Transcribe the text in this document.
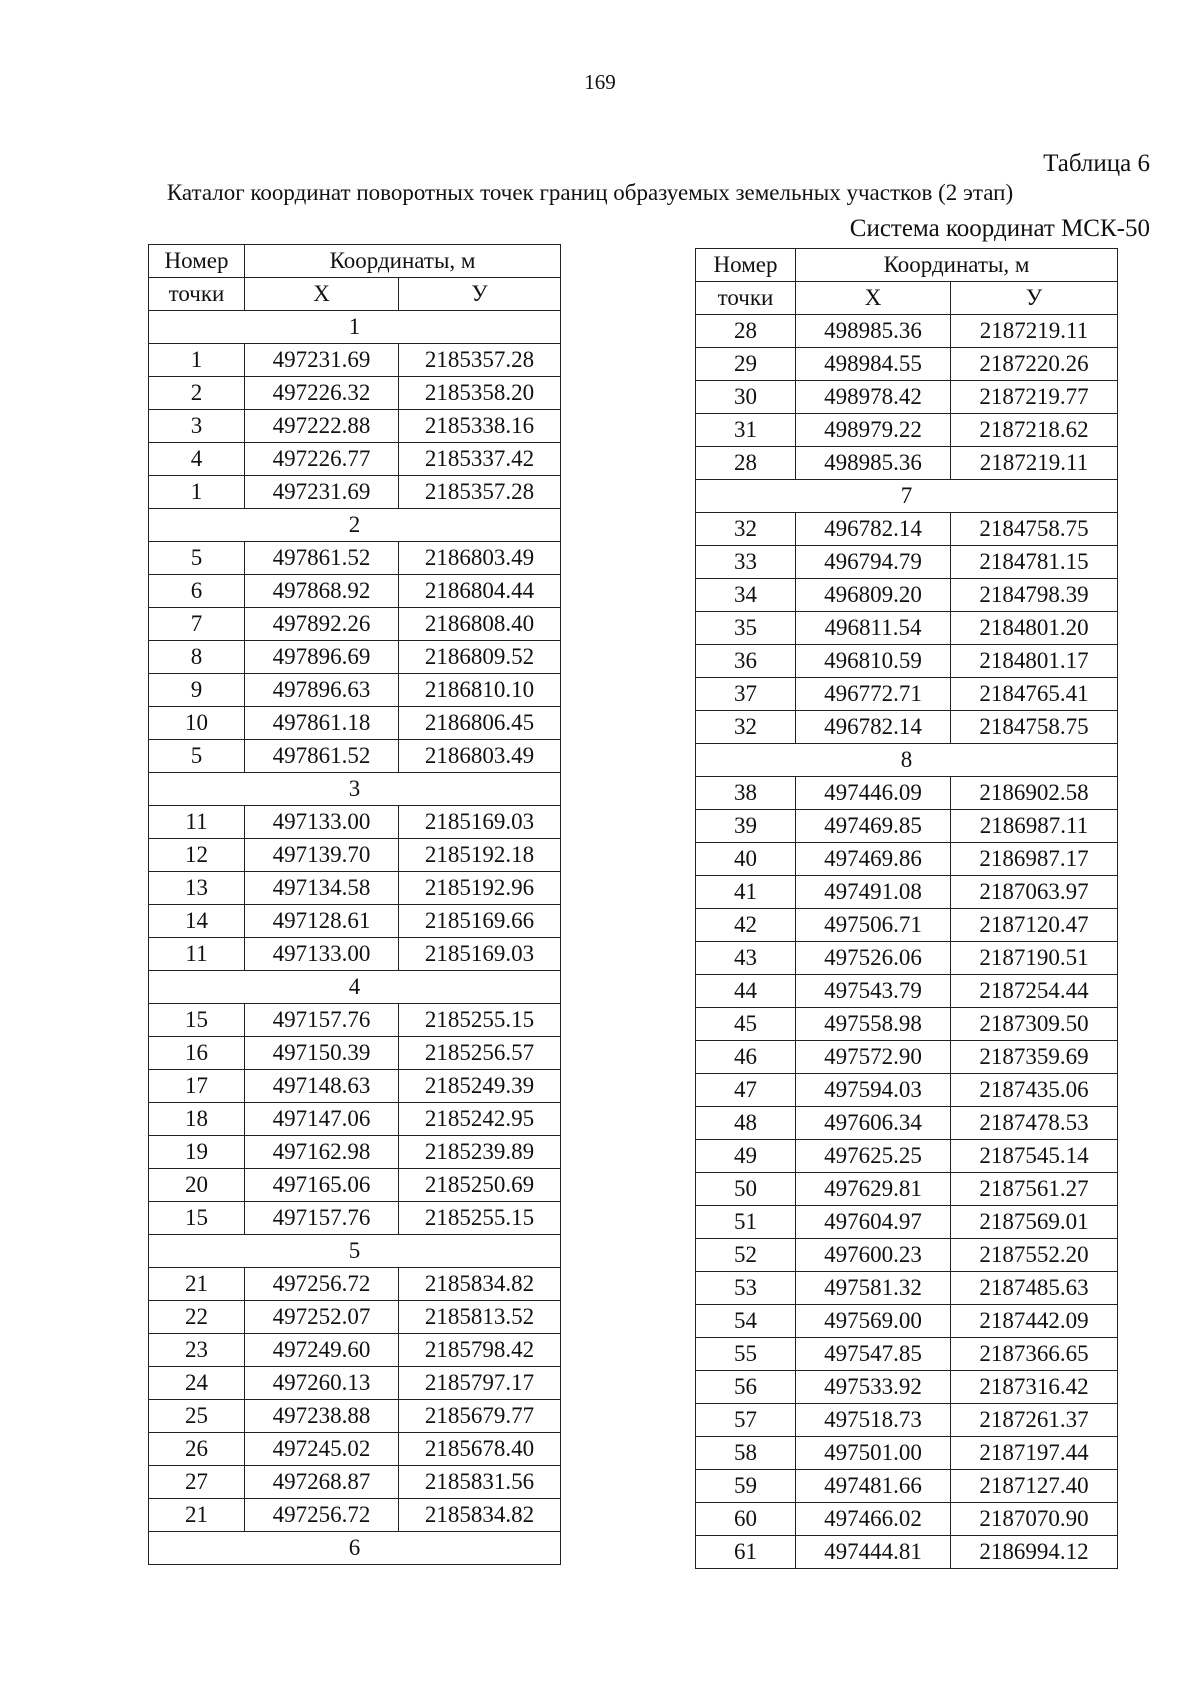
169
Таблица 6
Каталог координат поворотных точек границ образуемых земельных участков (2 этап)
Система координат МСК-50
Номер	Координаты, м	
точки	X	У
1		
1	497231.69	2185357.28
2	497226.32	2185358.20
3	497222.88	2185338.16
4	497226.77	2185337.42
1	497231.69	2185357.28
2		
5	497861.52	2186803.49
6	497868.92	2186804.44
7	497892.26	2186808.40
8	497896.69	2186809.52
9	497896.63	2186810.10
10	497861.18	2186806.45
5	497861.52	2186803.49
3		
11	497133.00	2185169.03
12	497139.70	2185192.18
13	497134.58	2185192.96
14	497128.61	2185169.66
11	497133.00	2185169.03
4		
15	497157.76	2185255.15
16	497150.39	2185256.57
17	497148.63	2185249.39
18	497147.06	2185242.95
19	497162.98	2185239.89
20	497165.06	2185250.69
15	497157.76	2185255.15
5		
21	497256.72	2185834.82
22	497252.07	2185813.52
23	497249.60	2185798.42
24	497260.13	2185797.17
25	497238.88	2185679.77
26	497245.02	2185678.40
27	497268.87	2185831.56
21	497256.72	2185834.82
6		
Номер	Координаты, м	
точки	X	У
28	498985.36	2187219.11
29	498984.55	2187220.26
30	498978.42	2187219.77
31	498979.22	2187218.62
28	498985.36	2187219.11
7		
32	496782.14	2184758.75
33	496794.79	2184781.15
34	496809.20	2184798.39
35	496811.54	2184801.20
36	496810.59	2184801.17
37	496772.71	2184765.41
32	496782.14	2184758.75
8		
38	497446.09	2186902.58
39	497469.85	2186987.11
40	497469.86	2186987.17
41	497491.08	2187063.97
42	497506.71	2187120.47
43	497526.06	2187190.51
44	497543.79	2187254.44
45	497558.98	2187309.50
46	497572.90	2187359.69
47	497594.03	2187435.06
48	497606.34	2187478.53
49	497625.25	2187545.14
50	497629.81	2187561.27
51	497604.97	2187569.01
52	497600.23	2187552.20
53	497581.32	2187485.63
54	497569.00	2187442.09
55	497547.85	2187366.65
56	497533.92	2187316.42
57	497518.73	2187261.37
58	497501.00	2187197.44
59	497481.66	2187127.40
60	497466.02	2187070.90
61	497444.81	2186994.12
